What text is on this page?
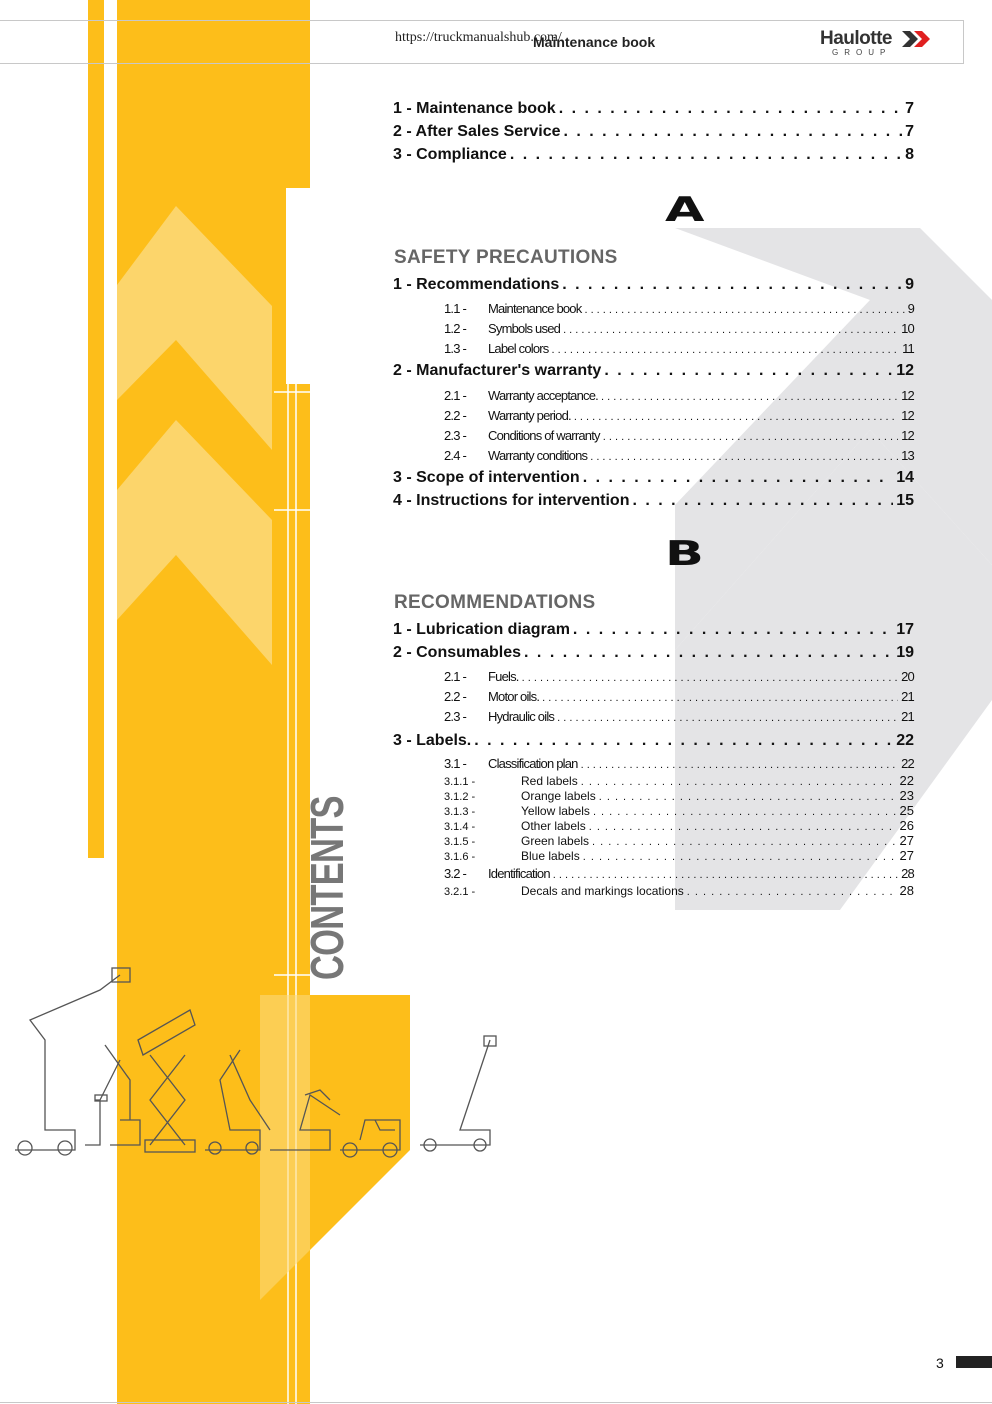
https://truckmanualshub.com/
Maintenance book	Haulotte
GROUP
1 - Maintenance book . . .	7
2 - After Sales Service . . .	7
3 - Compliance . . .	8
A
SAFETY PRECAUTIONS
1 - Recommendations . . .	9
1.1 -	Maintenance book . . .	9
1.2 -	Symbols used . . .	10
1.3 -	Label colors . . .	11
2 - Manufacturer's warranty . . .	12
2.1 -	Warranty acceptance. . . .	12
2.2 -	Warranty period. . . .	12
2.3 -	Conditions of warranty . . .	12
2.4 -	Warranty conditions . . .	13
3 - Scope of intervention . . .	14
4 - Instructions for intervention . . .	15
B
RECOMMENDATIONS
1 - Lubrication diagram . . .	17
2 - Consumables . . .	19
2.1 -	Fuels. . . .	20
2.2 -	Motor oils. . . .	21
2.3 -	Hydraulic oils . . .	21
3 - Labels. . . .	22
3.1 -	Classification plan . . .	22
3.1.1 -	Red labels . . .	22
3.1.2 -	Orange labels . . .	23
3.1.3 -	Yellow labels . . .	25
3.1.4 -	Other labels . . .	26
3.1.5 -	Green labels . . .	27
3.1.6 -	Blue labels . . .	27
3.2 -	Identification . . .	28
3.2.1 -	Decals and markings locations . . .	28
CONTENTS
3
